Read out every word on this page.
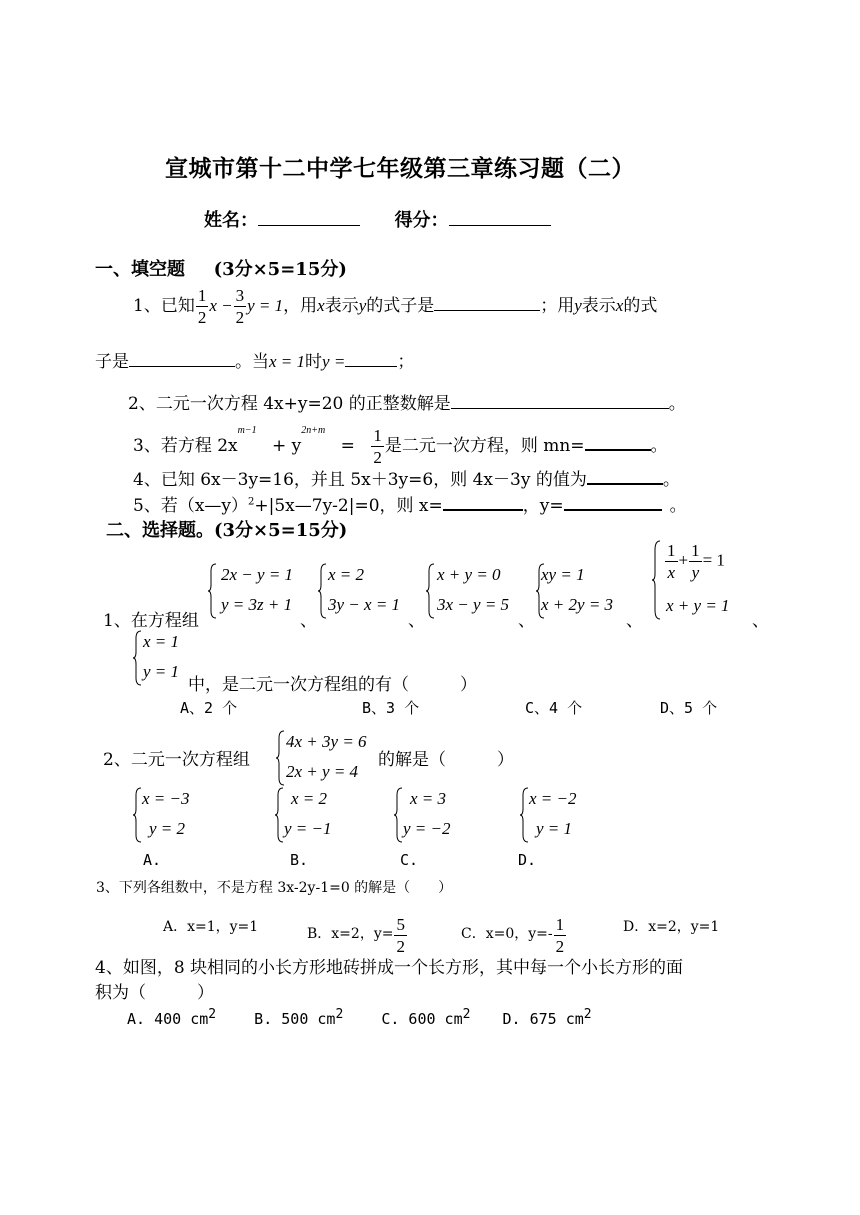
宣城市第十二中学七年级第三章练习题（二）
姓名：	得分：
一、填空题 (3分×5=15分)
1、已知 $\frac{1}{2}$ $x - \frac{3}{2}$ y = 1，用x表示y的式子是	；用y表示x的式
子是	。当x = 1时y =	；
2、二元一次方程 4x+y=20 的正整数解是	。
3、若方程 $2x^{m-1} + y^{2n+m} = \frac{1}{2}$ 是二元一次方程，则 mn=	。
4、已知 6x－3y=16，并且 5x＋3y=6，则 4x－3y 的值为	。
5、若（x—y）$^2$+|5x—7y-2|=0，则 x=	，y=	。
二、选择题。(3分×5=15分)
1、在方程组
2x − y = 1
y = 3z + 1
、
x = 2
3y − x = 1
、
x + y = 0
3x − y = 5
、
xy = 1
x + 2y = 3
、
$\frac{1}{x} + \frac{1}{y} = 1$
x + y = 1
、
x = 1
y = 1
中，是二元一次方程组的有（　　　）
A、2 个	B、3 个	C、4 个	D、5 个
2、二元一次方程组
4x + 3y = 6
2x + y = 4
的解是（　　　）
x = −3
y = 2
x = 2
y = −1
x = 3
y = −2
x = −2
y = 1
A.	B.	C.	D.
3、下列各组数中，不是方程 3x-2y-1=0 的解是（　　）
A．x=1，y=1	B．x=2，$y= \frac{5}{2}$	C．x=0，$y=- \frac{1}{2}$	D．x=2，y=1
4、如图，8 块相同的小长方形地砖拼成一个长方形，其中每一个小长方形的面
积为（　　　）
A. 400 $cm^2$	B. 500 $cm^2$	C. 600 $cm^2$ D. 675 $cm^2$
